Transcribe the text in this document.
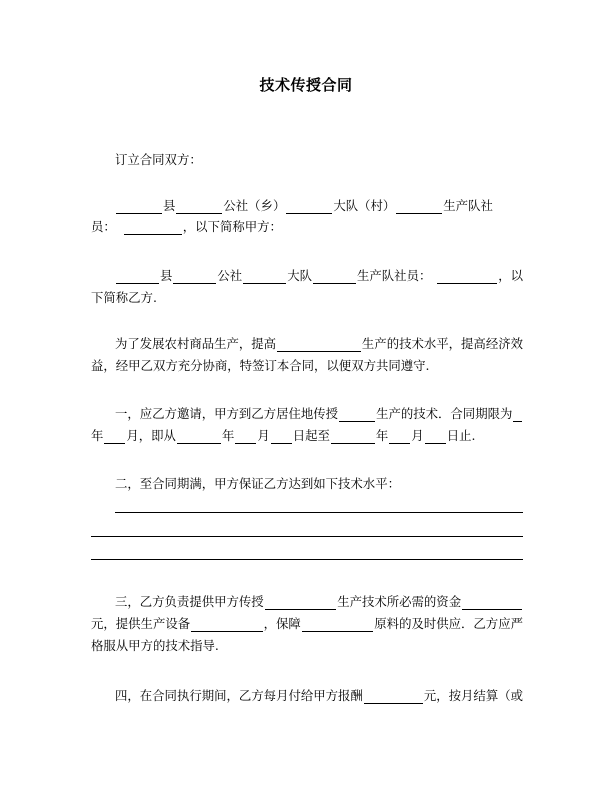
技术传授合同
订立合同双方：
县	公社（乡）	大队（村）	生产队社
员：	，以下简称甲方：
县	公社	大队	生产队社员：	，以
下简称乙方.
为了发展农村商品生产，提高	生产的技术水平，提高经济效
益，经甲乙双方充分协商，特签订本合同，以便双方共同遵守.
一，应乙方邀请，甲方到乙方居住地传授	生产的技术．合同期限为
年 月，即从	年 月 日起至	年 月 日止.
二，至合同期满，甲方保证乙方达到如下技术水平：
三，乙方负责提供甲方传授	生产技术所必需的资金
元，提供生产设备	，保障	原料的及时供应．乙方应严
格服从甲方的技术指导.
四，在合同执行期间，乙方每月付给甲方报酬	元，按月结算（或
